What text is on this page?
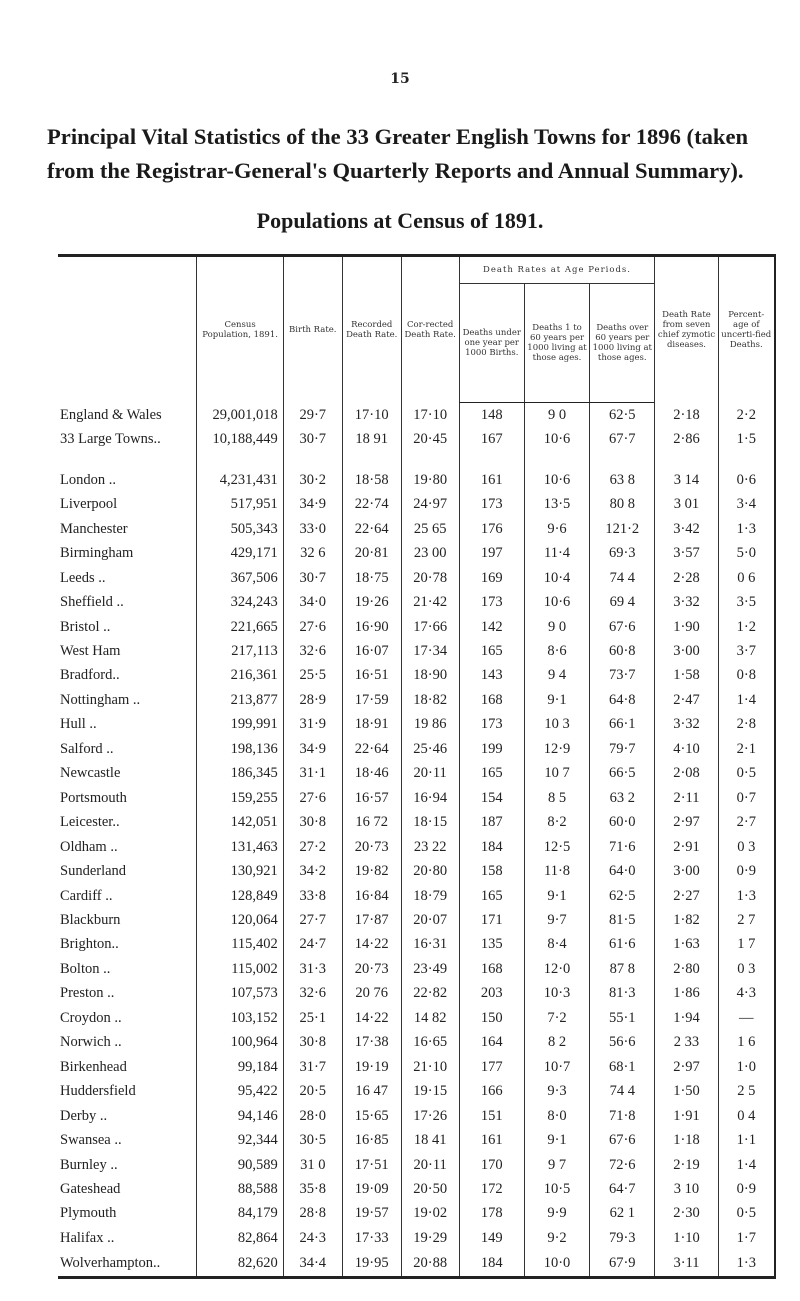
15
Principal Vital Statistics of the 33 Greater English Towns for 1896 (taken from the Registrar-General's Quarterly Reports and Annual Summary).
Populations at Census of 1891.
	Census Population, 1891.	Birth Rate.	Recorded Death Rate.	Cor-rected Death Rate.	Death Rates at Age Periods.			Death Rate from seven chief zymotic diseases.	Percent-age of uncerti-fied Deaths.
					Deaths under one year per 1000 Births.	Deaths 1 to 60 years per 1000 living at those ages.	Deaths over 60 years per 1000 living at those ages.		
England & Wales	29,001,018	29·7	17·10	17·10	148	9 0	62·5	2·18	2·2
33 Large Towns..	10,188,449	30·7	18 91	20·45	167	10·6	67·7	2·86	1·5

London ..	4,231,431	30·2	18·58	19·80	161	10·6	63 8	3 14	0·6
Liverpool	517,951	34·9	22·74	24·97	173	13·5	80 8	3 01	3·4
Manchester	505,343	33·0	22·64	25 65	176	9·6	121·2	3·42	1·3
Birmingham	429,171	32 6	20·81	23 00	197	11·4	69·3	3·57	5·0
Leeds ..	367,506	30·7	18·75	20·78	169	10·4	74 4	2·28	0 6
Sheffield ..	324,243	34·0	19·26	21·42	173	10·6	69 4	3·32	3·5
Bristol ..	221,665	27·6	16·90	17·66	142	9 0	67·6	1·90	1·2
West Ham	217,113	32·6	16·07	17·34	165	8·6	60·8	3·00	3·7
Bradford..	216,361	25·5	16·51	18·90	143	9 4	73·7	1·58	0·8
Nottingham ..	213,877	28·9	17·59	18·82	168	9·1	64·8	2·47	1·4
Hull ..	199,991	31·9	18·91	19 86	173	10 3	66·1	3·32	2·8
Salford ..	198,136	34·9	22·64	25·46	199	12·9	79·7	4·10	2·1
Newcastle	186,345	31·1	18·46	20·11	165	10 7	66·5	2·08	0·5
Portsmouth	159,255	27·6	16·57	16·94	154	8 5	63 2	2·11	0·7
Leicester..	142,051	30·8	16 72	18·15	187	8·2	60·0	2·97	2·7
Oldham ..	131,463	27·2	20·73	23 22	184	12·5	71·6	2·91	0 3
Sunderland	130,921	34·2	19·82	20·80	158	11·8	64·0	3·00	0·9
Cardiff ..	128,849	33·8	16·84	18·79	165	9·1	62·5	2·27	1·3
Blackburn	120,064	27·7	17·87	20·07	171	9·7	81·5	1·82	2 7
Brighton..	115,402	24·7	14·22	16·31	135	8·4	61·6	1·63	1 7
Bolton ..	115,002	31·3	20·73	23·49	168	12·0	87 8	2·80	0 3
Preston ..	107,573	32·6	20 76	22·82	203	10·3	81·3	1·86	4·3
Croydon ..	103,152	25·1	14·22	14 82	150	7·2	55·1	1·94	—
Norwich ..	100,964	30·8	17·38	16·65	164	8 2	56·6	2 33	1 6
Birkenhead	99,184	31·7	19·19	21·10	177	10·7	68·1	2·97	1·0
Huddersfield	95,422	20·5	16 47	19·15	166	9·3	74 4	1·50	2 5
Derby ..	94,146	28·0	15·65	17·26	151	8·0	71·8	1·91	0 4
Swansea ..	92,344	30·5	16·85	18 41	161	9·1	67·6	1·18	1·1
Burnley ..	90,589	31 0	17·51	20·11	170	9 7	72·6	2·19	1·4
Gateshead	88,588	35·8	19·09	20·50	172	10·5	64·7	3 10	0·9
Plymouth	84,179	28·8	19·57	19·02	178	9·9	62 1	2·30	0·5
Halifax ..	82,864	24·3	17·33	19·29	149	9·2	79·3	1·10	1·7
Wolverhampton..	82,620	34·4	19·95	20·88	184	10·0	67·9	3·11	1·3
